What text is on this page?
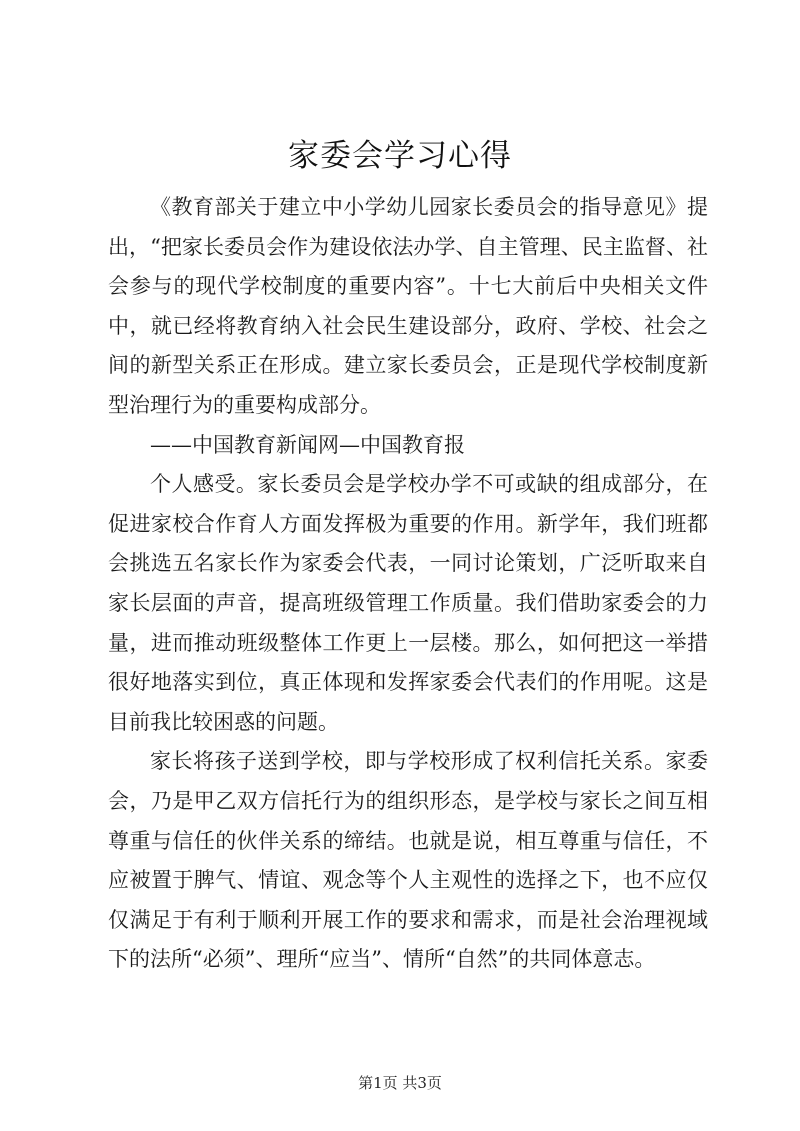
家委会学习心得

《教育部关于建立中小学幼儿园家长委员会的指导意见》提出，“把家长委员会作为建设依法办学、自主管理、民主监督、社会参与的现代学校制度的重要内容”。十七大前后中央相关文件中，就已经将教育纳入社会民生建设部分，政府、学校、社会之间的新型关系正在形成。建立家长委员会，正是现代学校制度新型治理行为的重要构成部分。

——中国教育新闻网—中国教育报

个人感受。家长委员会是学校办学不可或缺的组成部分，在促进家校合作育人方面发挥极为重要的作用。新学年，我们班都会挑选五名家长作为家委会代表，一同讨论策划，广泛听取来自家长层面的声音，提高班级管理工作质量。我们借助家委会的力量，进而推动班级整体工作更上一层楼。那么，如何把这一举措很好地落实到位，真正体现和发挥家委会代表们的作用呢。这是目前我比较困惑的问题。

家长将孩子送到学校，即与学校形成了权利信托关系。家委会，乃是甲乙双方信托行为的组织形态，是学校与家长之间互相尊重与信任的伙伴关系的缔结。也就是说，相互尊重与信任，不应被置于脾气、情谊、观念等个人主观性的选择之下，也不应仅仅满足于有利于顺利开展工作的要求和需求，而是社会治理视域下的法所“必须”、理所“应当”、情所“自然”的共同体意志。

第1页 共3页
